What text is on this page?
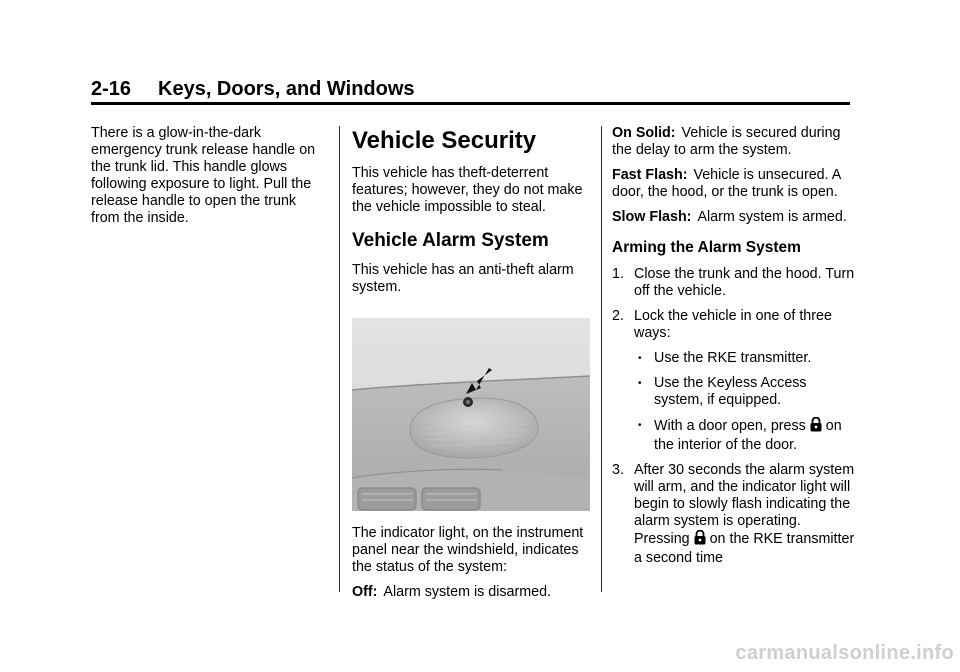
2-16 Keys, Doors, and Windows

There is a glow-in-the-dark emergency trunk release handle on the trunk lid. This handle glows following exposure to light. Pull the release handle to open the trunk from the inside.

Vehicle Security

This vehicle has theft-deterrent features; however, they do not make the vehicle impossible to steal.

Vehicle Alarm System

This vehicle has an anti-theft alarm system.

The indicator light, on the instrument panel near the windshield, indicates the status of the system:

Off: Alarm system is disarmed.

On Solid: Vehicle is secured during the delay to arm the system.

Fast Flash: Vehicle is unsecured. A door, the hood, or the trunk is open.

Slow Flash: Alarm system is armed.

Arming the Alarm System
1. Close the trunk and the hood. Turn off the vehicle.
2. Lock the vehicle in one of three ways:
• Use the RKE transmitter.
• Use the Keyless Access system, if equipped.
• With a door open, press on the interior of the door.
3. After 30 seconds the alarm system will arm, and the indicator light will begin to slowly flash indicating the alarm system is operating. Pressing on the RKE transmitter a second time
carmanualsonline.info
